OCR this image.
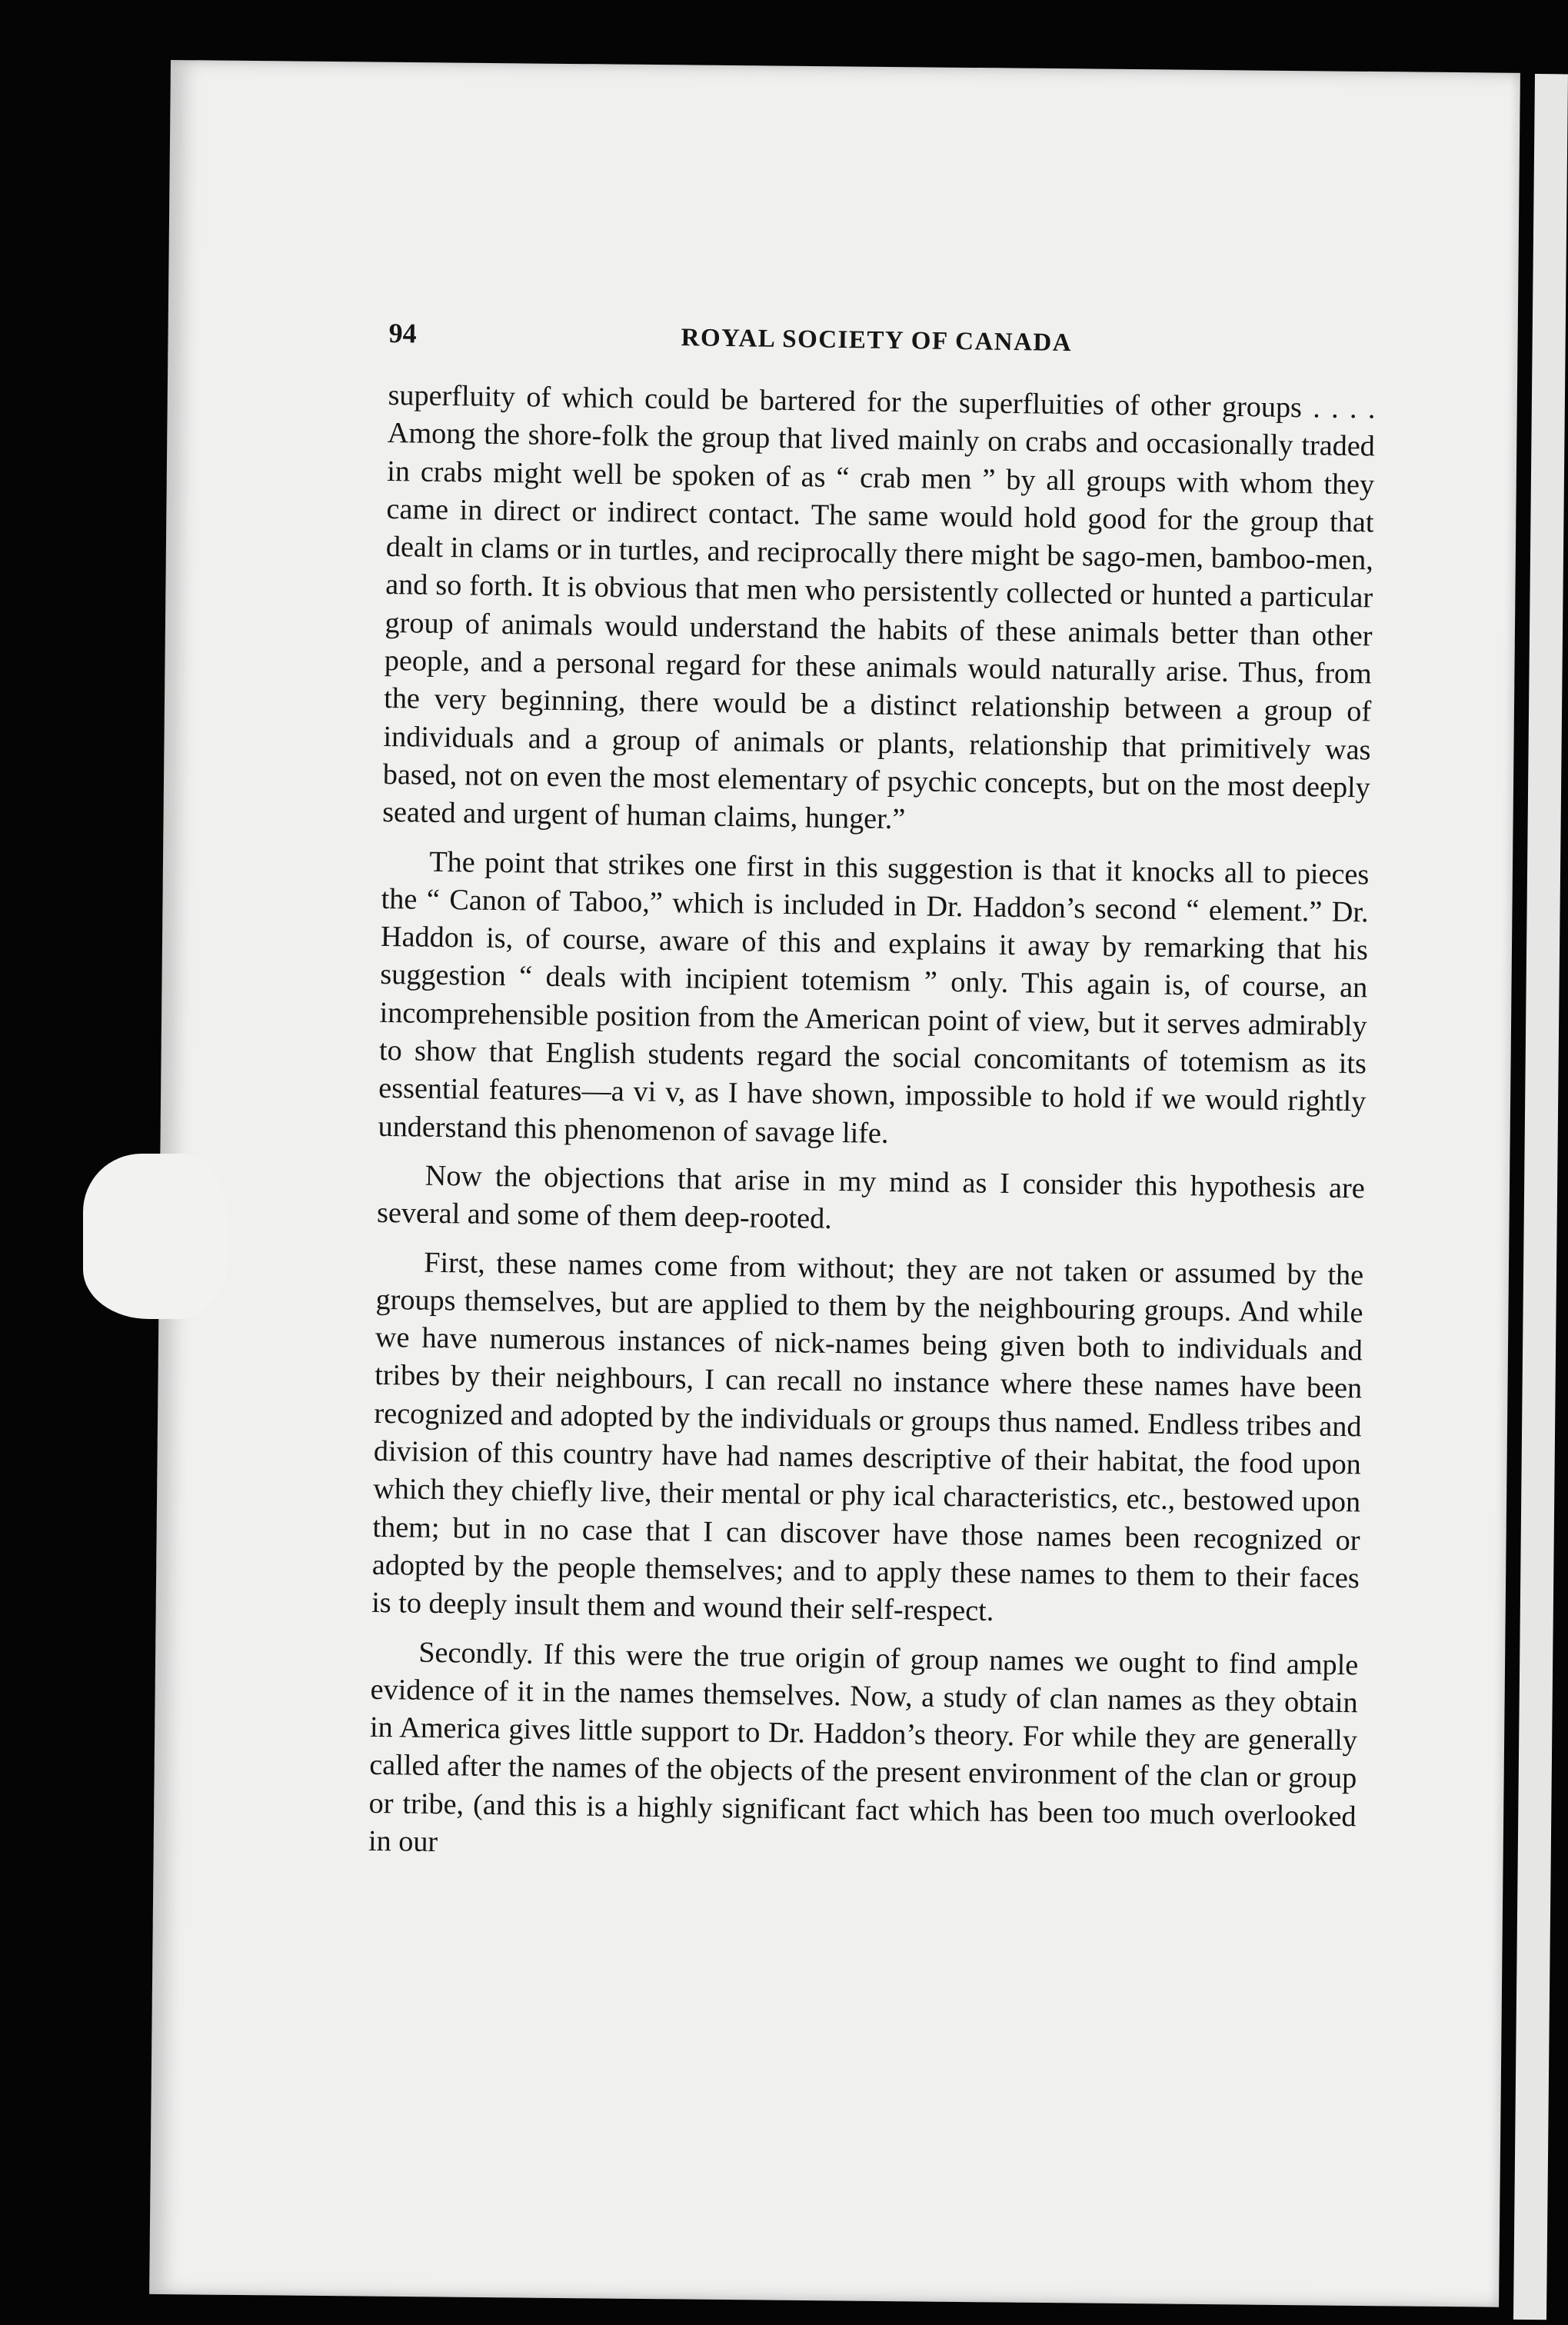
94	ROYAL SOCIETY OF CANADA

superfluity of which could be bartered for the superfluities of other groups . . . . Among the shore-folk the group that lived mainly on crabs and occasionally traded in crabs might well be spoken of as “ crab men ” by all groups with whom they came in direct or indirect contact. The same would hold good for the group that dealt in clams or in turtles, and reciprocally there might be sago-men, bamboo-men, and so forth. It is obvious that men who persistently collected or hunted a particular group of animals would understand the habits of these animals better than other people, and a personal regard for these animals would naturally arise. Thus, from the very beginning, there would be a distinct relationship between a group of individuals and a group of animals or plants, relationship that primitively was based, not on even the most elementary of psychic concepts, but on the most deeply seated and urgent of human claims, hunger.”

The point that strikes one first in this suggestion is that it knocks all to pieces the “ Canon of Taboo,” which is included in Dr. Haddon’s second “ element.” Dr. Haddon is, of course, aware of this and explains it away by remarking that his suggestion “ deals with incipient totemism ” only. This again is, of course, an incomprehensible position from the American point of view, but it serves admirably to show that English students regard the social concomitants of totemism as its essential features—a vi v, as I have shown, impossible to hold if we would rightly understand this phenomenon of savage life.

Now the objections that arise in my mind as I consider this hypothesis are several and some of them deep-rooted.

First, these names come from without; they are not taken or assumed by the groups themselves, but are applied to them by the neighbouring groups. And while we have numerous instances of nick-names being given both to individuals and tribes by their neighbours, I can recall no instance where these names have been recognized and adopted by the individuals or groups thus named. Endless tribes and division of this country have had names descriptive of their habitat, the food upon which they chiefly live, their mental or phy ical characteristics, etc., bestowed upon them; but in no case that I can discover have those names been recognized or adopted by the people themselves; and to apply these names to them to their faces is to deeply insult them and wound their self-respect.

Secondly. If this were the true origin of group names we ought to find ample evidence of it in the names themselves. Now, a study of clan names as they obtain in America gives little support to Dr. Haddon’s theory. For while they are generally called after the names of the objects of the present environment of the clan or group or tribe, (and this is a highly significant fact which has been too much overlooked in our
